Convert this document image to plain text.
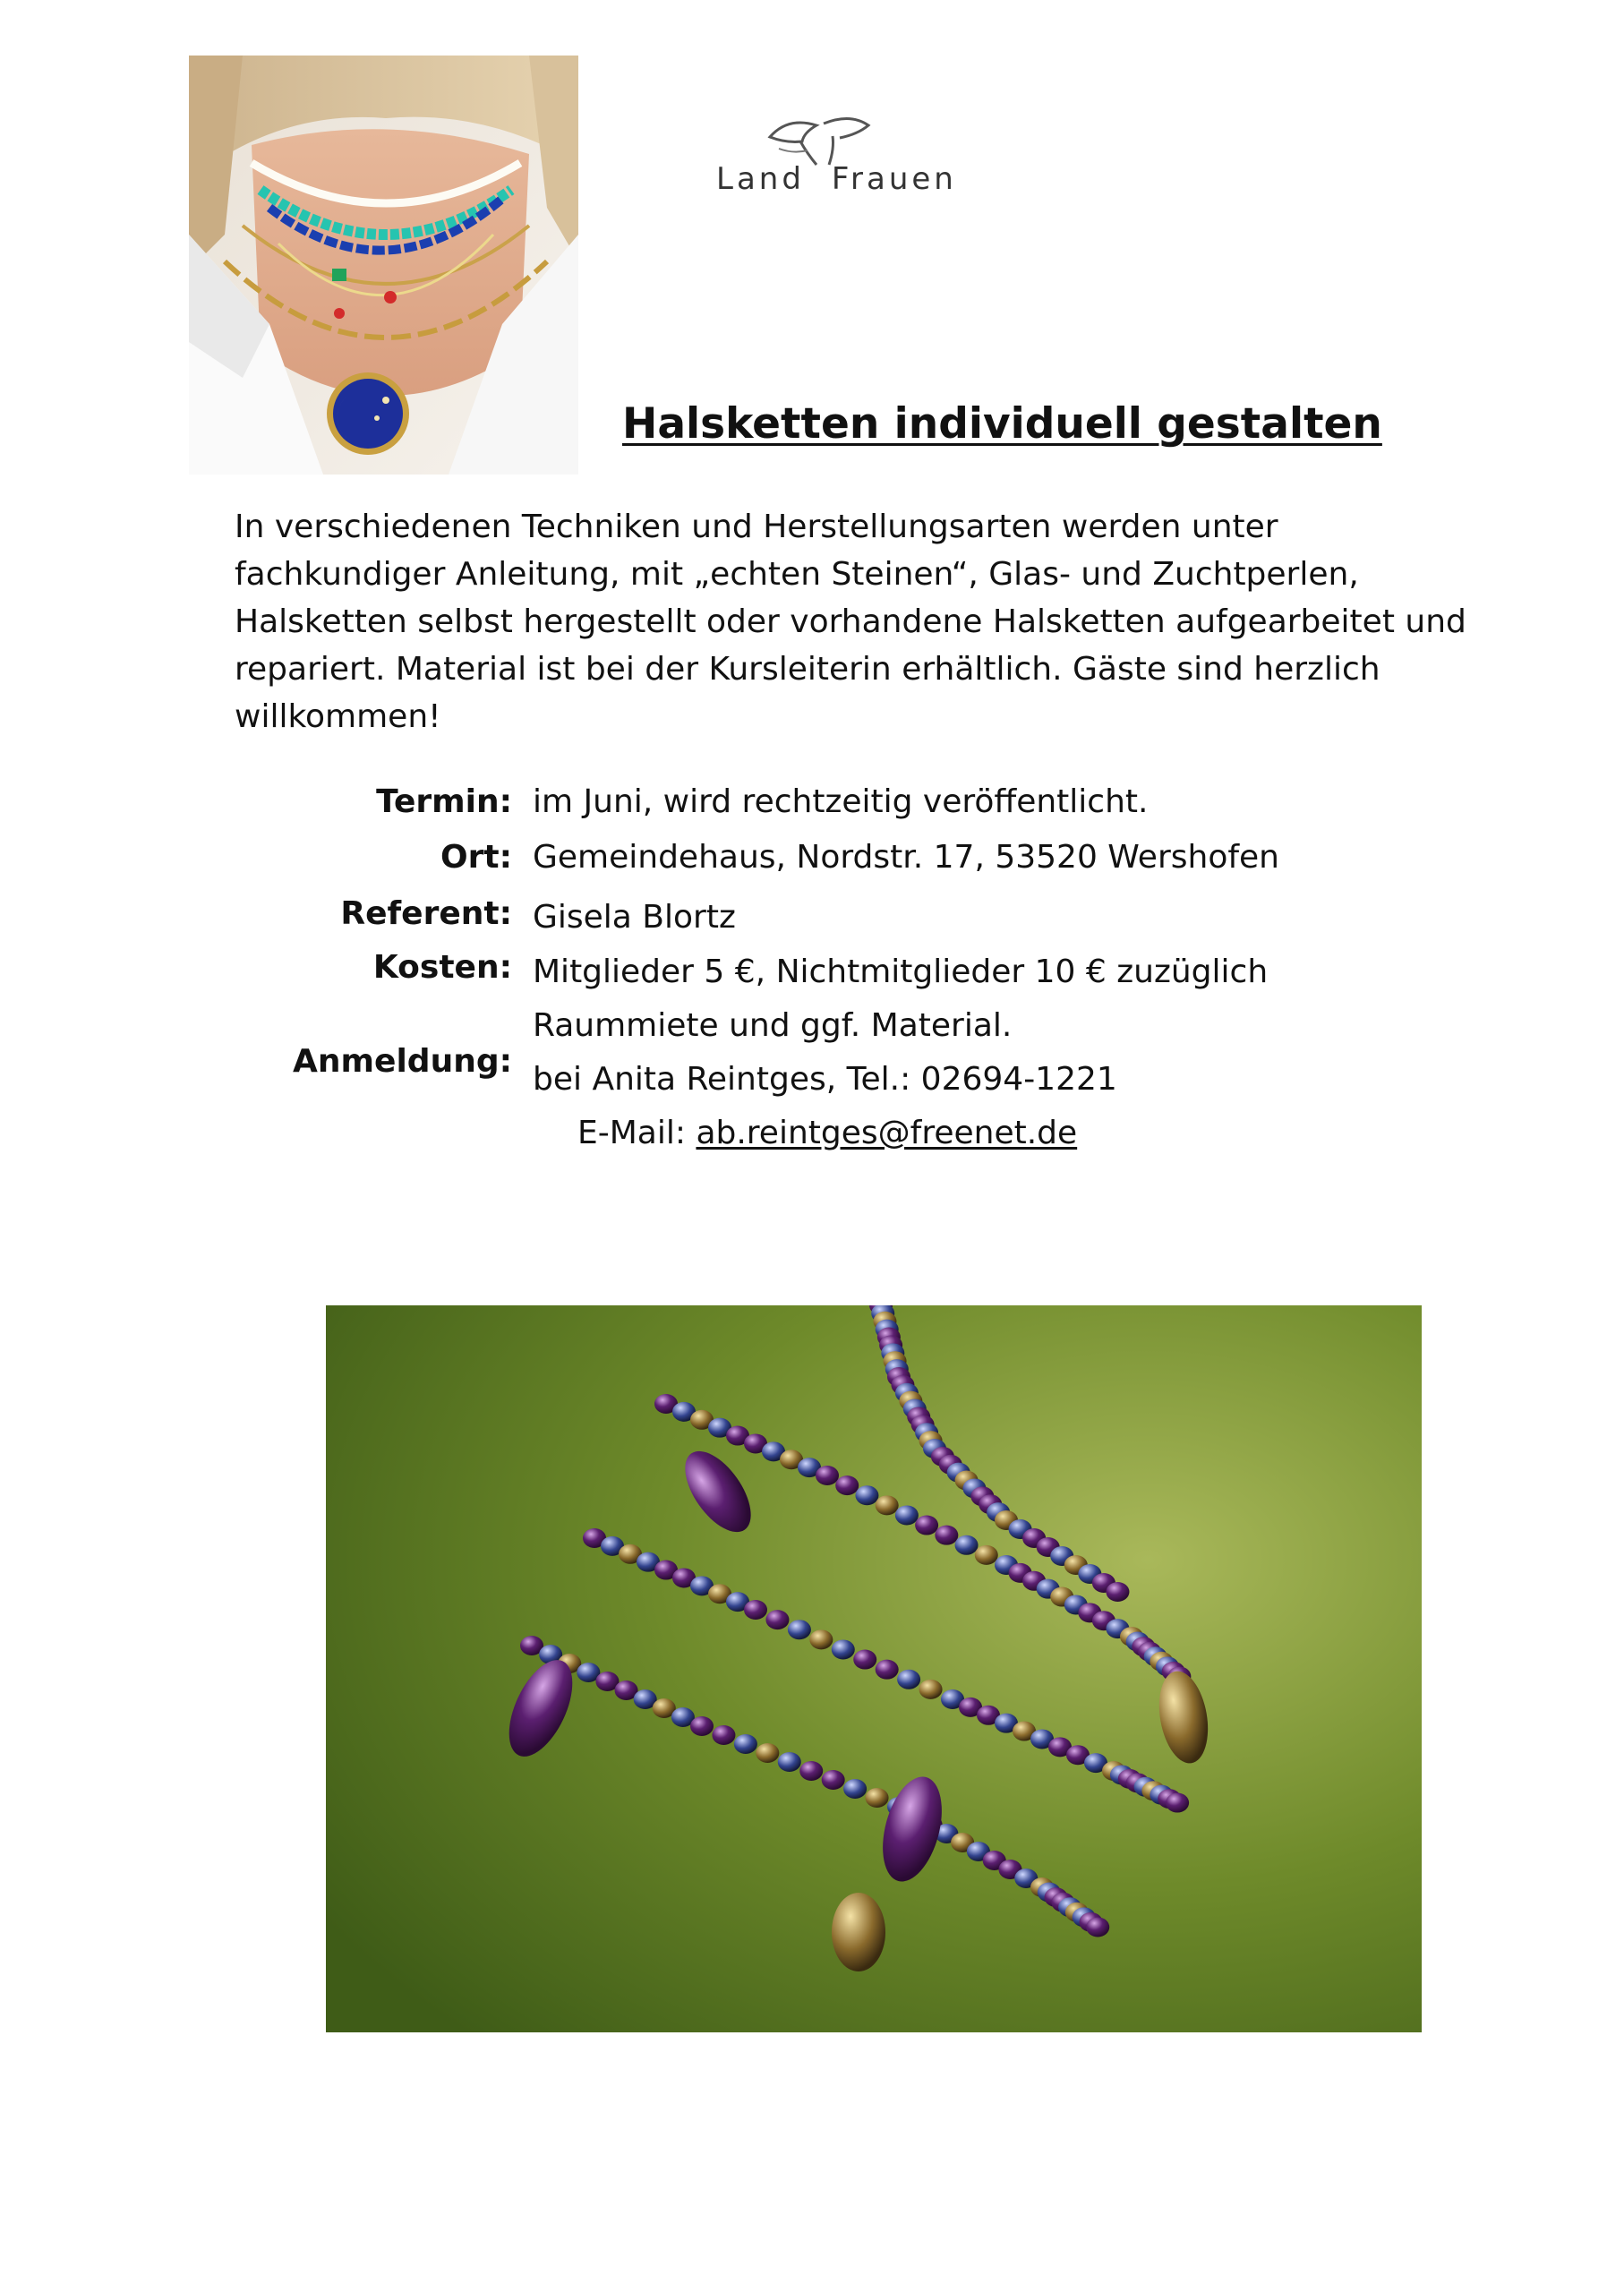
Land Frauen
Halsketten individuell gestalten
In verschiedenen Techniken und Herstellungsarten werden unter
fachkundiger Anleitung, mit „echten Steinen“, Glas- und Zuchtperlen,
Halsketten selbst hergestellt oder vorhandene Halsketten aufgearbeitet und
repariert. Material ist bei der Kursleiterin erhältlich. Gäste sind herzlich
willkommen!
Termin: im Juni, wird rechtzeitig veröffentlicht.
Ort: Gemeindehaus, Nordstr. 17, 53520 Wershofen
Referent: Gisela Blortz
Kosten: Mitglieder 5 €, Nichtmitglieder 10 € zuzüglich
Raummiete und ggf. Material.
Anmeldung: bei Anita Reintges, Tel.: 02694-1221
E-Mail: ab.reintges@freenet.de
